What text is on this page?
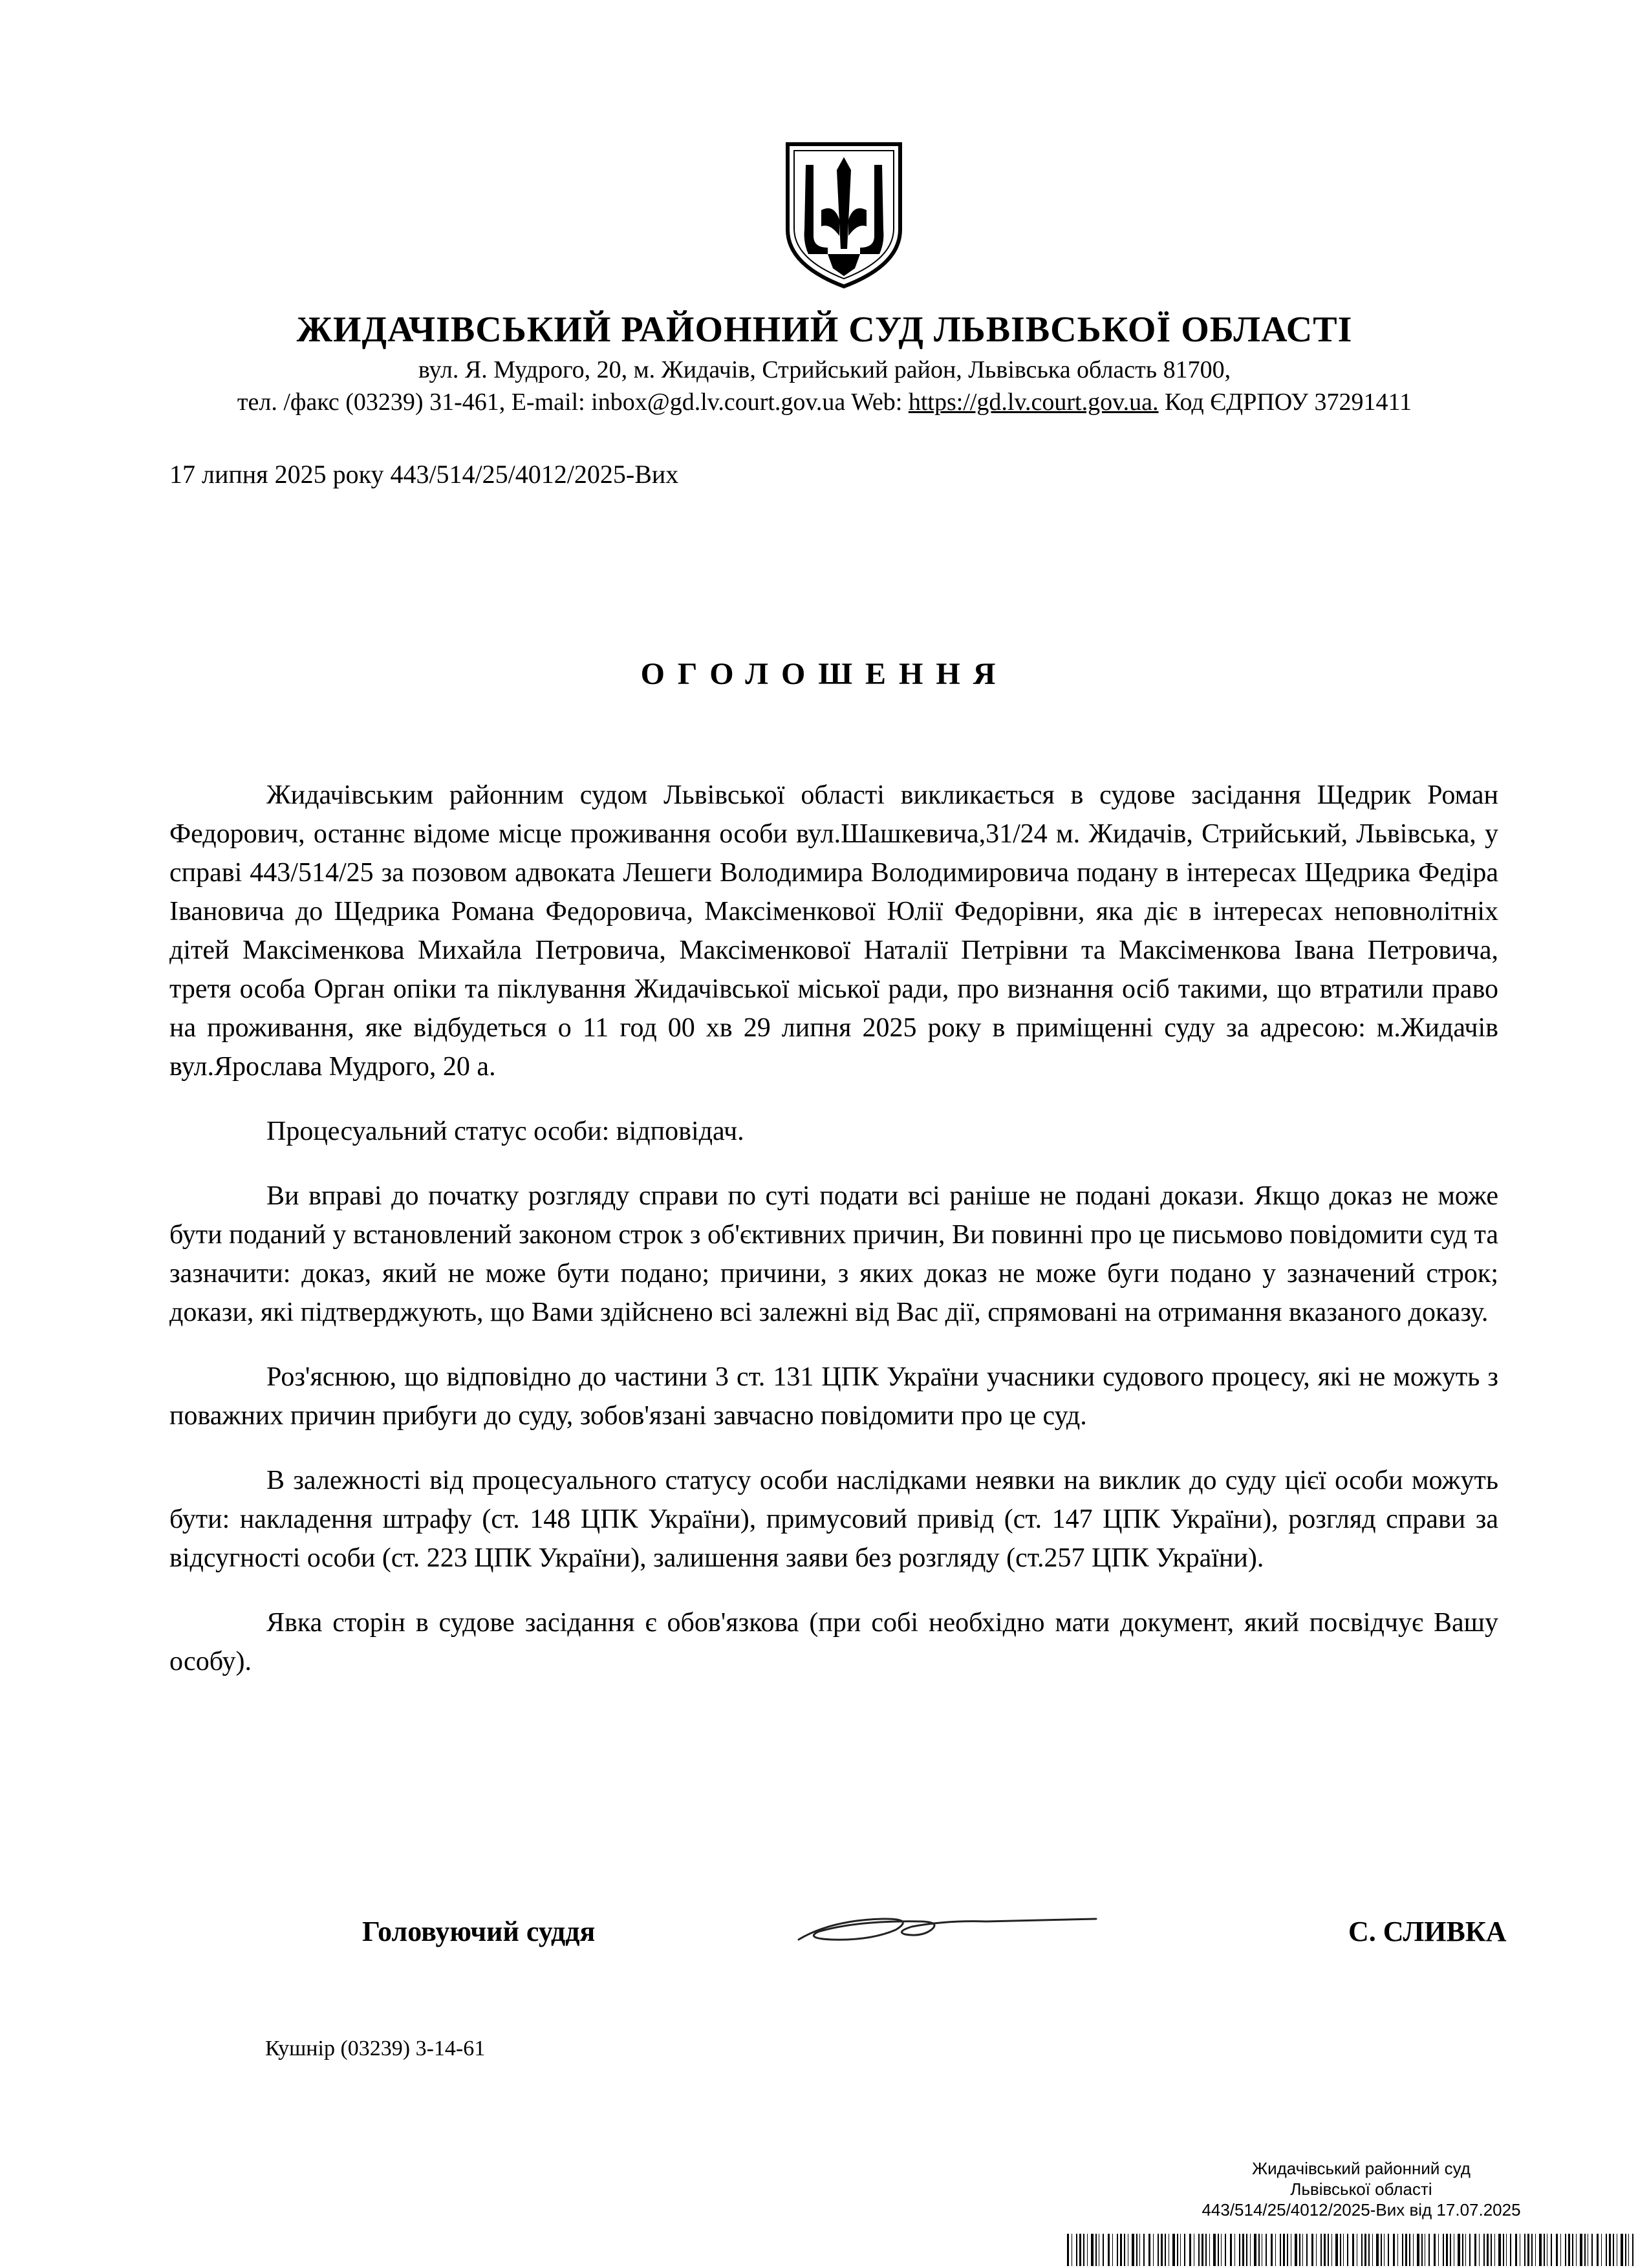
ЖИДАЧІВСЬКИЙ РАЙОННИЙ СУД ЛЬВІВСЬКОЇ ОБЛАСТІ
вул. Я. Мудрого, 20, м. Жидачів, Стрийський район, Львівська область 81700,
тел. /факс (03239) 31-461, E-mail: inbox@gd.lv.court.gov.ua Web: https://gd.lv.court.gov.ua. Код ЄДРПОУ 37291411
17 липня 2025 року 443/514/25/4012/2025-Вих
ОГОЛОШЕННЯ

Жидачівським районним судом Львівської області викликається в судове засідання Щедрик Роман Федорович, останнє відоме місце проживання особи вул.Шашкевича,31/24 м. Жидачів, Стрийський, Львівська, у справі 443/514/25 за позовом адвоката Лешеги Володимира Володимировича подану в інтересах Щедрика Федіра Івановича до Щедрика Романа Федоровича, Максіменкової Юлії Федорівни, яка діє в інтересах неповнолітніх дітей Максіменкова Михайла Петровича, Максіменкової Наталії Петрівни та Максіменкова Івана Петровича, третя особа Орган опіки та піклування Жидачівської міської ради, про визнання осіб такими, що втратили право на проживання, яке відбудеться о 11 год 00 хв 29 липня 2025 року в приміщенні суду за адресою: м.Жидачів вул.Ярослава Мудрого, 20 а.

Процесуальний статус особи: відповідач.

Ви вправі до початку розгляду справи по суті подати всі раніше не подані докази. Якщо доказ не може бути поданий у встановлений законом строк з об'єктивних причин, Ви повинні про це письмово повідомити суд та зазначити: доказ, який не може бути подано; причини, з яких доказ не може буги подано у зазначений строк; докази, які підтверджують, що Вами здійснено всі залежні від Вас дії, спрямовані на отримання вказаного доказу.

Роз'яснюю, що відповідно до частини 3 ст. 131 ЦПК України учасники судового процесу, які не можуть з поважних причин прибуги до суду, зобов'язані завчасно повідомити про це суд.

В залежності від процесуального статусу особи наслідками неявки на виклик до суду цієї особи можуть бути: накладення штрафу (ст. 148 ЦПК України), примусовий привід (ст. 147 ЦПК України), розгляд справи за відсугності особи (ст. 223 ЦПК України), залишення заяви без розгляду (ст.257 ЦПК України).

Явка сторін в судове засідання є обов'язкова (при собі необхідно мати документ, який посвідчує Вашу особу).

Головуючий суддя	С. СЛИВКА
Кушнір (03239) 3-14-61
Жидачівський районний суд
Львівської області
443/514/25/4012/2025-Вих від 17.07.2025
